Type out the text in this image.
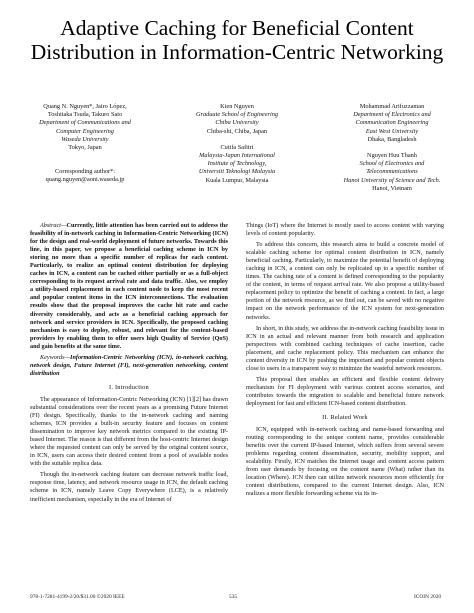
Adaptive Caching for Beneficial Content
Distribution in Information-Centric Networking
Quang N. Nguyen*, Jairo López,
Toshitaka Tsuda, Takuro Sato
Department of Communications and
Computer Engineering
Waseda University
Tokyo, Japan
Corresponding author*:
quang.nguyen@aoni.waseda.jp
Kien Nguyen
Graduate School of Engineering
Chiba University
Chiba-shi, Chiba, Japan
Cutifa Safitri
Malaysia-Japan International
Institute of Technology,
Universiti Teknologi Malaysia
Kuala Lumpur, Malaysia
Mohammad Arifuzzaman
Department of Electronics and
Communication Engineering
East West University
Dhaka, Bangladesh
Nguyen Huu Thanh
School of Electronics and
Telecommunications
Hanoi University of Science and Tech.
Hanoi, Vietnam

Abstract—Currently, little attention has been carried out to address the feasibility of in-network caching in Information-Centric Networking (ICN) for the design and real-world deployment of future networks. Towards this line, in this paper, we propose a beneficial caching scheme in ICN by storing no more than a specific number of replicas for each content. Particularly, to realize an optimal content distribution for deploying caches in ICN, a content can be cached either partially or as a full-object corresponding to its request arrival rate and data traffic. Also, we employ a utility-based replacement in each content node to keep the most recent and popular content items in the ICN interconnections. The evaluation results show that the proposal improves the cache hit rate and cache diversity considerably, and acts as a beneficial caching approach for network and service providers in ICN. Specifically, the proposed caching mechanism is easy to deploy, robust, and relevant for the content-based providers by enabling them to offer users high Quality of Service (QoS) and gain benefits at the same time.

Keywords—Information-Centric Networking (ICN), in-network caching, network design, Future Internet (FI), next-generation networking, content distribution

I. Introduction

The appearance of Information-Centric Networking (ICN) [1][2] has drawn substantial considerations over the recent years as a promising Future Internet (FI) design. Specifically, thanks to the in-network caching and naming schemes, ICN provides a built-in security feature and focuses on content dissemination to improve key network metrics compared to the existing IP-based Internet. The reason is that different from the host-centric Internet design where the requested content can only be served by the original content source, in ICN, users can access their desired content from a pool of available nodes with the suitable replica data.

Though the in-network caching feature can decrease network traffic load, response time, latency, and network resource usage in ICN, the default caching scheme in ICN, namely Leave Copy Everywhere (LCE), is a relatively inefficient mechanism, especially in the era of Internet of

Things (IoT) where the Internet is mostly used to access content with varying levels of content popularity.

To address this concern, this research aims to build a concrete model of scalable caching scheme for optimal content distribution in ICN, namely beneficial caching. Particularly, to maximize the potential benefit of deploying caching in ICN, a content can only be replicated up to a specific number of times. The caching rate of a content is defined corresponding to the popularity of the content, in terms of request arrival rate. We also propose a utility-based replacement policy to optimize the benefit of caching a content. In fact, a large portion of the network resource, as we find out, can be saved with no negative impact on the network performance of the ICN system for next-generation networks.

In short, in this study, we address the in-network caching feasibility issue in ICN in an actual and relevant manner from both research and application perspectives with combined caching techniques of cache insertion, cache placement, and cache replacement policy. This mechanism can enhance the content diversity in ICN by pushing the important and popular content objects close to users in a transparent way to minimize the wasteful network resources.

This proposal then enables an efficient and flexible content delivery mechanism for FI deployment with various content access scenarios, and contributes towards the migration to scalable and beneficial future network deployment for fast and efficient ICN-based content distribution.

II. Related Work

ICN, equipped with in-network caching and name-based forwarding and routing corresponding to the unique content name, provides considerable benefits over the current IP-based Internet, which suffers from several severe problems regarding content dissemination, security, mobility support, and scalability. Firstly, ICN matches the Internet usage and content access pattern from user demands by focusing on the content name (What) rather than its location (Where). ICN then can utilize network resources more efficiently for content distributions, compared to the current Internet design. Also, ICN realizes a more flexible forwarding scheme via its in-

978-1-7281-4199-2/20/$31.00 ©2020 IEEE	535	ICOIN 2020
